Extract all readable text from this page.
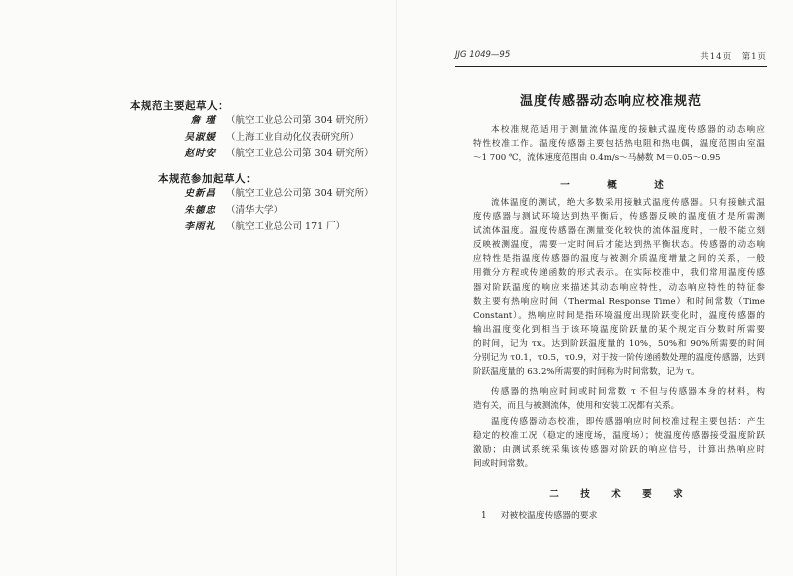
本规范主要起草人：
詹 瑾 （航空工业总公司第 304 研究所）
吴淑媛 （上海工业自动化仪表研究所）
赵时安 （航空工业总公司第 304 研究所）
本规范参加起草人：
史新昌 （航空工业总公司第 304 研究所）
朱德忠 （清华大学）
李雨礼 （航空工业总公司 171 厂）
JJG 1049—95	共14页　第1页
温度传感器动态响应校准规范
本校准规范适用于测量流体温度的接触式温度传感器的动态响应
特性校准工作。温度传感器主要包括热电阻和热电偶，温度范围由室温
～1 700 ℃，流体速度范围由 0.4m/s～马赫数 M＝0.05～0.95
一　概　述
流体温度的测试，绝大多数采用接触式温度传感器。只有接触式温
度传感器与测试环境达到热平衡后，传感器反映的温度值才是所需测
试流体温度。温度传感器在测量变化较快的流体温度时，一般不能立刻
反映被测温度，需要一定时间后才能达到热平衡状态。传感器的动态响
应特性是指温度传感器的温度与被测介质温度增量之间的关系，一般
用微分方程或传递函数的形式表示。在实际校准中，我们常用温度传感
器对阶跃温度的响应来描述其动态响应特性，动态响应特性的特征参
数主要有热响应时间（Thermal Response Time）和时间常数（Time
Constant）。热响应时间是指环境温度出现阶跃变化时，温度传感器的
输出温度变化到相当于该环境温度阶跃量的某个规定百分数时所需要
的时间，记为 τx。达到阶跃温度量的 10%，50%和 90%所需要的时间
分别记为 τ0.1，τ0.5，τ0.9，对于按一阶传递函数处理的温度传感器，达到
阶跃温度量的 63.2%所需要的时间称为时间常数，记为 τ。
传感器的热响应时间或时间常数 τ 不但与传感器本身的材料，构
造有关，而且与被测流体，使用和安装工况都有关系。
温度传感器动态校准，即传感器响应时间校准过程主要包括：产生
稳定的校准工况（稳定的速度场，温度场）；使温度传感器接受温度阶跃
激励；由测试系统采集该传感器对阶跃的响应信号，计算出热响应时
间或时间常数。
二　技　术　要　求
1 对被校温度传感器的要求
